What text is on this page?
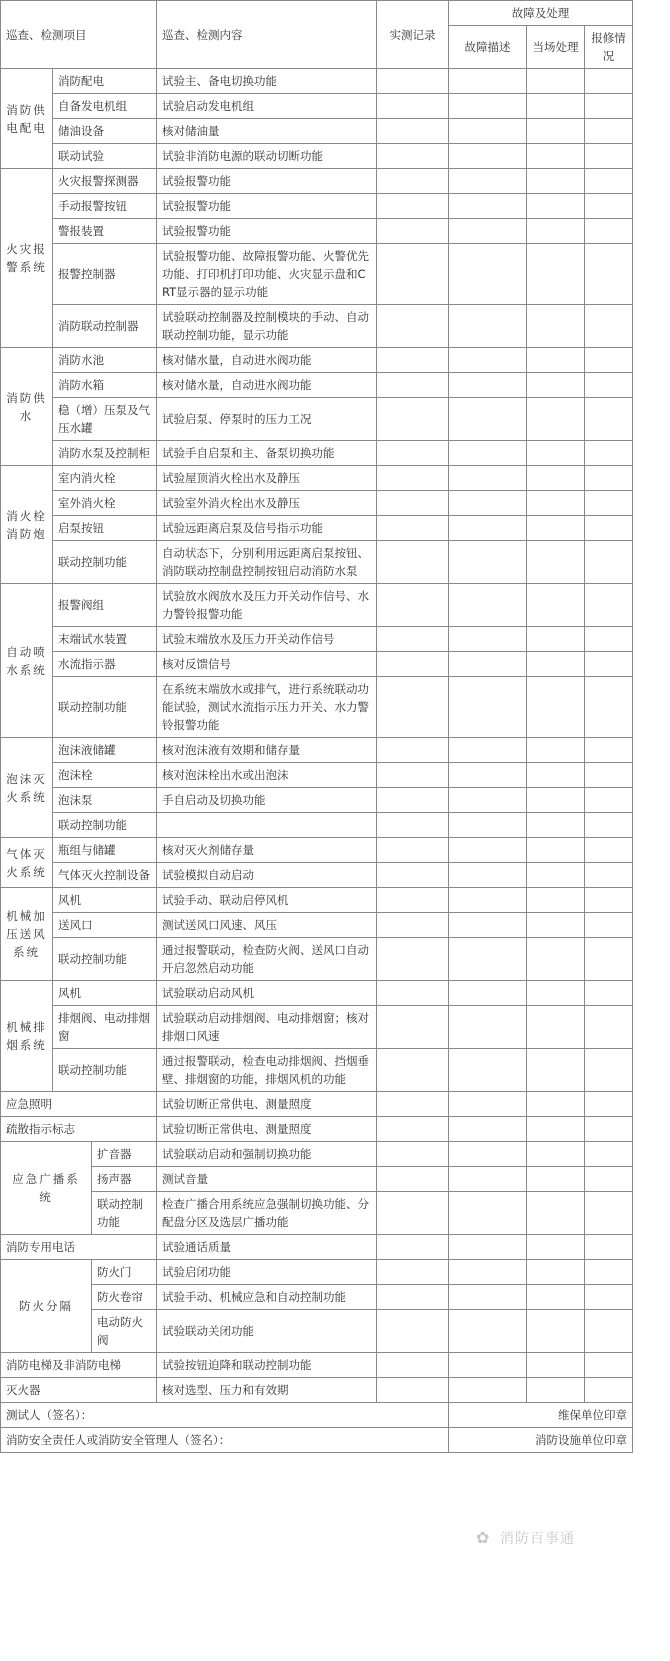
巡查、检测项目			巡查、检测内容	实测记录	故障及处理		
					故障描述	当场处理	报修情况
消防供电配电	消防配电		试验主、备电切换功能				
	自备发电机组		试验启动发电机组				
	储油设备		核对储油量				
	联动试验		试验非消防电源的联动切断功能				
火灾报警系统	火灾报警探测器		试验报警功能				
	手动报警按钮		试验报警功能				
	警报装置		试验报警功能				
	报警控制器		试验报警功能、故障报警功能、火警优先功能、打印机打印功能、火灾显示盘和CRT显示器的显示功能				
	消防联动控制器		试验联动控制器及控制模块的手动、自动联动控制功能，显示功能				
消防供水	消防水池		核对储水量，自动进水阀功能				
	消防水箱		核对储水量，自动进水阀功能				
	稳（增）压泵及气压水罐		试验启泵、停泵时的压力工况				
	消防水泵及控制柜		试验手自启泵和主、备泵切换功能				
消火栓消防炮	室内消火栓		试验屋顶消火栓出水及静压				
	室外消火栓		试验室外消火栓出水及静压				
	启泵按钮		试验远距离启泵及信号指示功能				
	联动控制功能		自动状态下，分别利用远距离启泵按钮、消防联动控制盘控制按钮启动消防水泵				
自动喷水系统	报警阀组		试验放水阀放水及压力开关动作信号、水力警铃报警功能				
	末端试水装置		试验末端放水及压力开关动作信号				
	水流指示器		核对反馈信号				
	联动控制功能		在系统末端放水或排气，进行系统联动功能试验，测试水流指示压力开关、水力警铃报警功能				
泡沫灭火系统	泡沫液储罐		核对泡沫液有效期和储存量				
	泡沫栓		核对泡沫栓出水或出泡沫				
	泡沫泵		手自启动及切换功能				
	联动控制功能						
气体灭火系统	瓶组与储罐		核对灭火剂储存量				
	气体灭火控制设备		试验模拟自动启动				
机械加压送风系统	风机		试验手动、联动启停风机				
	送风口		测试送风口风速、风压				
	联动控制功能		通过报警联动，检查防火阀、送风口自动开启忽然启动功能				
机械排烟系统	风机		试验联动启动风机				
	排烟阀、电动排烟窗		试验联动启动排烟阀、电动排烟窗；核对排烟口风速				
	联动控制功能		通过报警联动，检查电动排烟阀、挡烟垂壁、排烟窗的功能，排烟风机的功能				
应急照明			试验切断正常供电、测量照度				
疏散指示标志			试验切断正常供电、测量照度				
应急广播系统		扩音器	试验联动启动和强制切换功能				
		扬声器	测试音量				
		联动控制功能	检查广播合用系统应急强制切换功能、分配盘分区及选层广播功能				
消防专用电话			试验通话质量				
防火分隔		防火门	试验启闭功能				
		防火卷帘	试验手动、机械应急和自动控制功能				
		电动防火阀	试验联动关闭功能				
消防电梯及非消防电梯			试验按钮迫降和联动控制功能				
灭火器			核对选型、压力和有效期				
测试人（签名）：					维保单位印章		
消防安全责任人或消防安全管理人（签名）：					消防设施单位印章		
✿ 消防百事通
